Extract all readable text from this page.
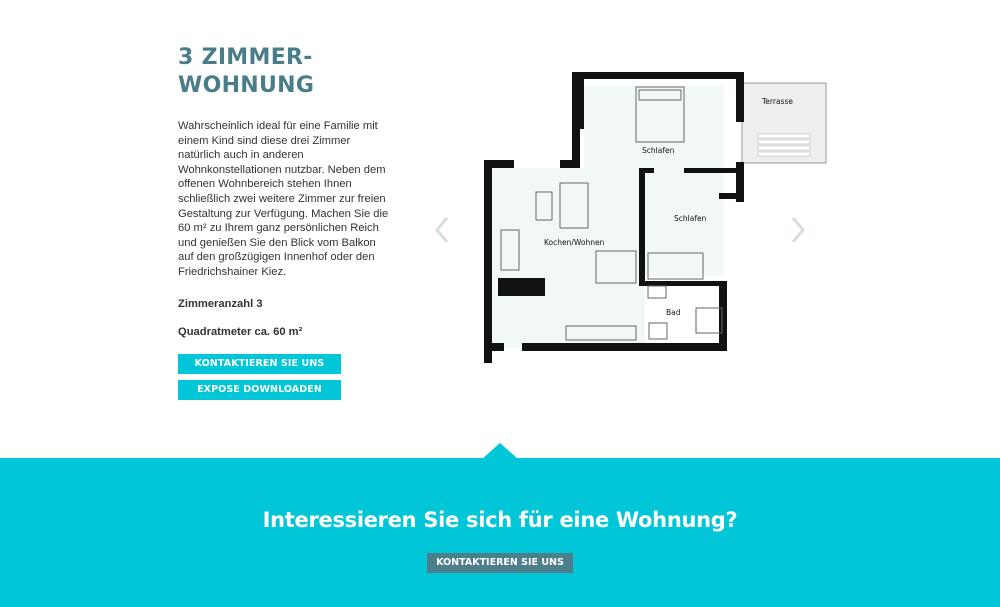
3 ZIMMER-
WOHNUNG

Wahrscheinlich ideal für eine Familie mit einem Kind sind diese drei Zimmer natürlich auch in anderen Wohnkonstellationen nutzbar. Neben dem offenen Wohnbereich stehen Ihnen schließlich zwei weitere Zimmer zur freien Gestaltung zur Verfügung. Machen Sie die 60 m² zu Ihrem ganz persönlichen Reich und genießen Sie den Blick vom Balkon auf den großzügigen Innenhof oder den Friedrichshainer Kiez.

Zimmeranzahl 3
Quadratmeter ca. 60 m²
KONTAKTIEREN SIE UNS
EXPOSE DOWNLOADEN
Terrasse
Schlafen
Schlafen
Kochen/Wohnen
Bad
Interessieren Sie sich für eine Wohnung?
KONTAKTIEREN SIE UNS
